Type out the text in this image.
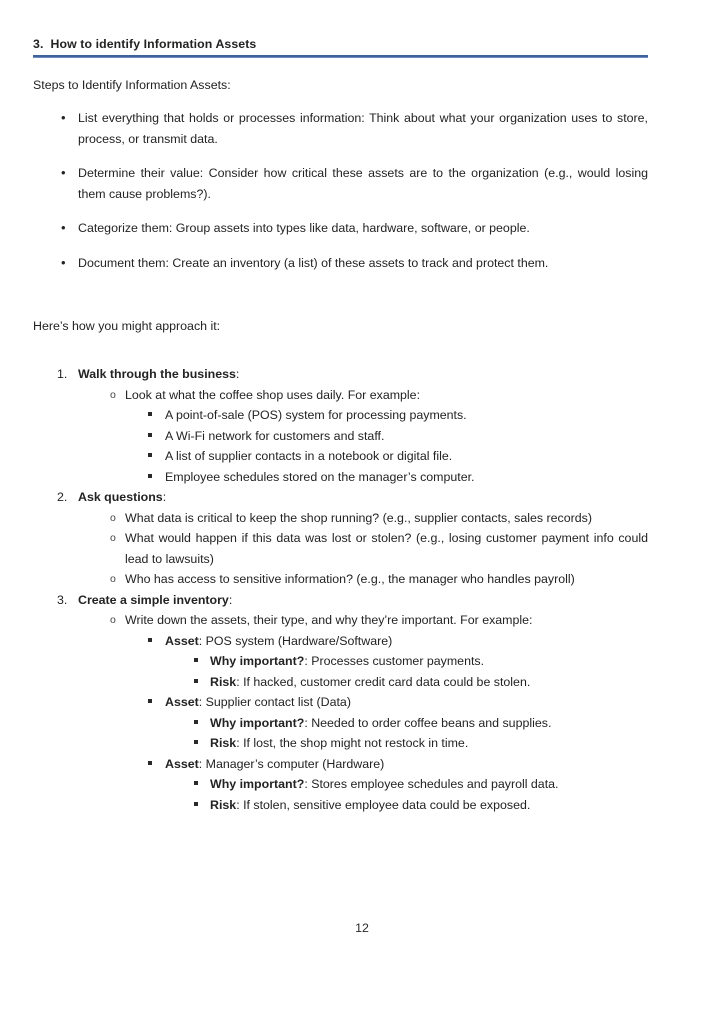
3. How to identify Information Assets

Steps to Identify Information Assets:

• List everything that holds or processes information: Think about what your organization uses to store, process, or transmit data.
• Determine their value: Consider how critical these assets are to the organization (e.g., would losing them cause problems?).
• Categorize them: Group assets into types like data, hardware, software, or people.
• Document them: Create an inventory (a list) of these assets to track and protect them.

Here’s how you might approach it:

1. Walk through the business:
o Look at what the coffee shop uses daily. For example:
A point-of-sale (POS) system for processing payments.
A Wi-Fi network for customers and staff.
A list of supplier contacts in a notebook or digital file.
Employee schedules stored on the manager’s computer.
2. Ask questions:
o What data is critical to keep the shop running? (e.g., supplier contacts, sales records)
o What would happen if this data was lost or stolen? (e.g., losing customer payment info could lead to lawsuits)
o Who has access to sensitive information? (e.g., the manager who handles payroll)
3. Create a simple inventory:
o Write down the assets, their type, and why they’re important. For example:
Asset: POS system (Hardware/Software)
Why important?: Processes customer payments.
Risk: If hacked, customer credit card data could be stolen.
Asset: Supplier contact list (Data)
Why important?: Needed to order coffee beans and supplies.
Risk: If lost, the shop might not restock in time.
Asset: Manager’s computer (Hardware)
Why important?: Stores employee schedules and payroll data.
Risk: If stolen, sensitive employee data could be exposed.
12
